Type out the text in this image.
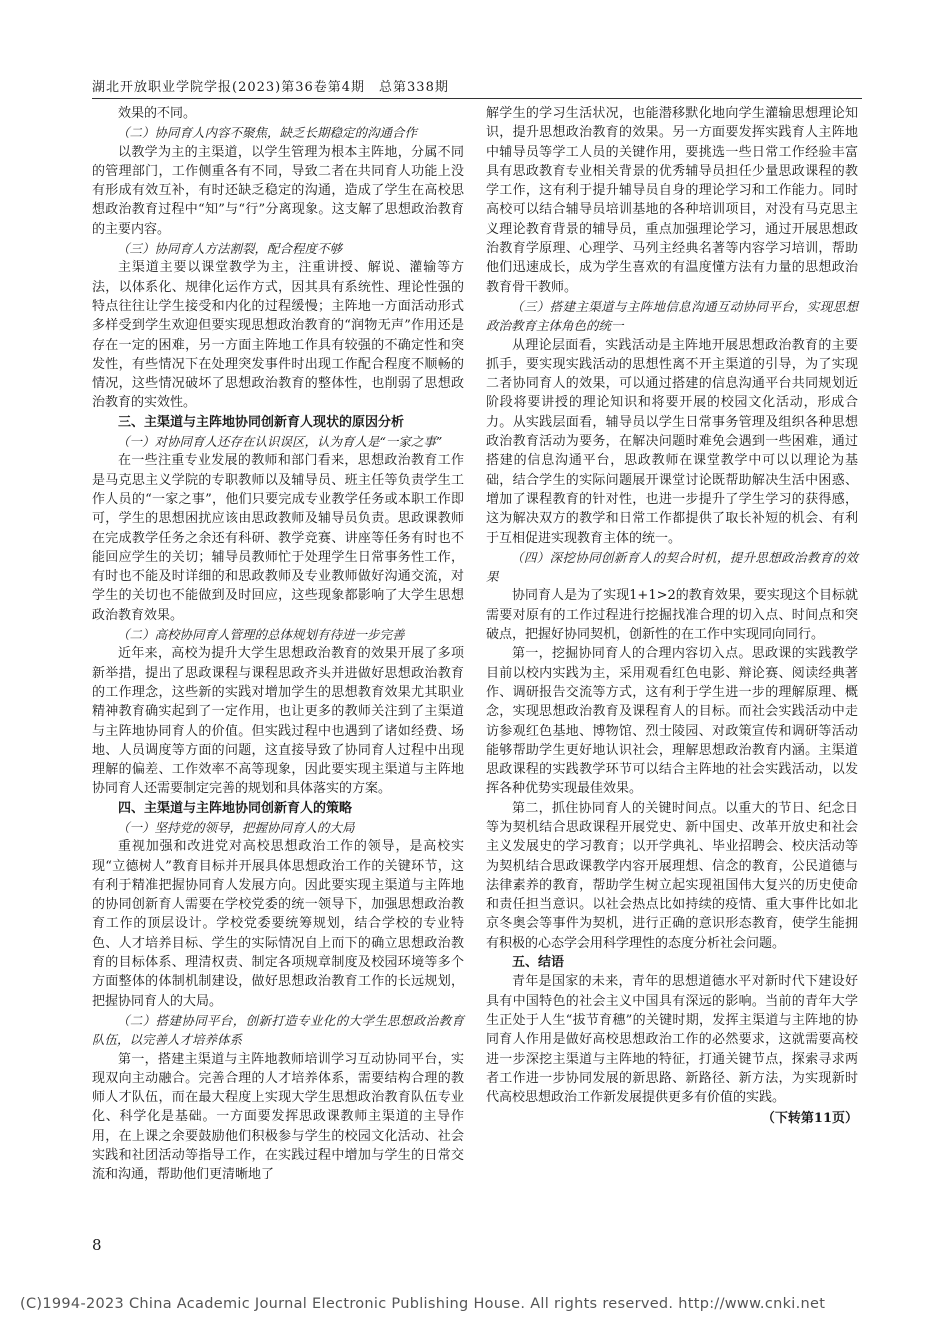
湖北开放职业学院学报(2023)第36卷第4期　总第338期

效果的不同。

（二）协同育人内容不聚焦，缺乏长期稳定的沟通合作

以教学为主的主渠道，以学生管理为根本主阵地，分属不同的管理部门，工作侧重各有不同，导致二者在共同育人功能上没有形成有效互补，有时还缺乏稳定的沟通，造成了学生在高校思想政治教育过程中“知”与“行”分离现象。这支解了思想政治教育的主要内容。

（三）协同育人方法割裂，配合程度不够

主渠道主要以课堂教学为主，注重讲授、解说、灌输等方法，以体系化、规律化运作方式，因其具有系统性、理论性强的特点往往让学生接受和内化的过程缓慢；主阵地一方面活动形式多样受到学生欢迎但要实现思想政治教育的“润物无声”作用还是存在一定的困难，另一方面主阵地工作具有较强的不确定性和突发性，有些情况下在处理突发事件时出现工作配合程度不顺畅的情况，这些情况破坏了思想政治教育的整体性，也削弱了思想政治教育的实效性。

三、主渠道与主阵地协同创新育人现状的原因分析

（一）对协同育人还存在认识误区，认为育人是“一家之事”

在一些注重专业发展的教师和部门看来，思想政治教育工作是马克思主义学院的专职教师以及辅导员、班主任等负责学生工作人员的“一家之事”，他们只要完成专业教学任务或本职工作即可，学生的思想困扰应该由思政教师及辅导员负责。思政课教师在完成教学任务之余还有科研、教学竞赛、讲座等任务有时也不能回应学生的关切；辅导员教师忙于处理学生日常事务性工作，有时也不能及时详细的和思政教师及专业教师做好沟通交流，对学生的关切也不能做到及时回应，这些现象都影响了大学生思想政治教育效果。

（二）高校协同育人管理的总体规划有待进一步完善

近年来，高校为提升大学生思想政治教育的效果开展了多项新举措，提出了思政课程与课程思政齐头并进做好思想政治教育的工作理念，这些新的实践对增加学生的思想教育效果尤其职业精神教育确实起到了一定作用，也让更多的教师关注到了主渠道与主阵地协同育人的价值。但实践过程中也遇到了诸如经费、场地、人员调度等方面的问题，这直接导致了协同育人过程中出现理解的偏差、工作效率不高等现象，因此要实现主渠道与主阵地协同育人还需要制定完善的规划和具体落实的方案。

四、主渠道与主阵地协同创新育人的策略

（一）坚持党的领导，把握协同育人的大局

重视加强和改进党对高校思想政治工作的领导，是高校实现“立德树人”教育目标并开展具体思想政治工作的关键环节，这有利于精准把握协同育人发展方向。因此要实现主渠道与主阵地的协同创新育人需要在学校党委的统一领导下，加强思想政治教育工作的顶层设计。学校党委要统筹规划，结合学校的专业特色、人才培养目标、学生的实际情况自上而下的确立思想政治教育的目标体系、理清权责、制定各项规章制度及校园环境等多个方面整体的体制机制建设，做好思想政治教育工作的长远规划，把握协同育人的大局。

（二）搭建协同平台，创新打造专业化的大学生思想政治教育队伍，以完善人才培养体系

第一，搭建主渠道与主阵地教师培训学习互动协同平台，实现双向主动融合。完善合理的人才培养体系，需要结构合理的教师人才队伍，而在最大程度上实现大学生思想政治教育队伍专业化、科学化是基础。一方面要发挥思政课教师主渠道的主导作用，在上课之余要鼓励他们积极参与学生的校园文化活动、社会实践和社团活动等指导工作，在实践过程中增加与学生的日常交流和沟通，帮助他们更清晰地了

解学生的学习生活状况，也能潜移默化地向学生灌输思想理论知识，提升思想政治教育的效果。另一方面要发挥实践育人主阵地中辅导员等学工人员的关键作用，要挑选一些日常工作经验丰富具有思政教育专业相关背景的优秀辅导员担任少量思政课程的教学工作，这有利于提升辅导员自身的理论学习和工作能力。同时高校可以结合辅导员培训基地的各种培训项目，对没有马克思主义理论教育背景的辅导员，重点加强理论学习，通过开展思想政治教育学原理、心理学、马列主经典名著等内容学习培训，帮助他们迅速成长，成为学生喜欢的有温度懂方法有力量的思想政治教育骨干教师。

（三）搭建主渠道与主阵地信息沟通互动协同平台，实现思想政治教育主体角色的统一

从理论层面看，实践活动是主阵地开展思想政治教育的主要抓手，要实现实践活动的思想性离不开主渠道的引导，为了实现二者协同育人的效果，可以通过搭建的信息沟通平台共同规划近阶段将要讲授的理论知识和将要开展的校园文化活动，形成合力。从实践层面看，辅导员以学生日常事务管理及组织各种思想政治教育活动为要务，在解决问题时难免会遇到一些困难，通过搭建的信息沟通平台，思政教师在课堂教学中可以以理论为基础，结合学生的实际问题展开课堂讨论既帮助解决生活中困惑、增加了课程教育的针对性，也进一步提升了学生学习的获得感，这为解决双方的教学和日常工作都提供了取长补短的机会、有利于互相促进实现教育主体的统一。

（四）深挖协同创新育人的契合时机，提升思想政治教育的效果

协同育人是为了实现1+1>2的教育效果，要实现这个目标就需要对原有的工作过程进行挖掘找准合理的切入点、时间点和突破点，把握好协同契机，创新性的在工作中实现同向同行。

第一，挖掘协同育人的合理内容切入点。思政课的实践教学目前以校内实践为主，采用观看红色电影、辩论赛、阅读经典著作、调研报告交流等方式，这有利于学生进一步的理解原理、概念，实现思想政治教育及课程育人的目标。而社会实践活动中走访参观红色基地、博物馆、烈士陵园、对政策宣传和调研等活动能够帮助学生更好地认识社会，理解思想政治教育内涵。主渠道思政课程的实践教学环节可以结合主阵地的社会实践活动，以发挥各种优势实现最佳效果。

第二，抓住协同育人的关键时间点。以重大的节日、纪念日等为契机结合思政课程开展党史、新中国史、改革开放史和社会主义发展史的学习教育；以开学典礼、毕业招聘会、校庆活动等为契机结合思政课教学内容开展理想、信念的教育，公民道德与法律素养的教育，帮助学生树立起实现祖国伟大复兴的历史使命和责任担当意识。以社会热点比如持续的疫情、重大事件比如北京冬奥会等事件为契机，进行正确的意识形态教育，使学生能拥有积极的心态学会用科学理性的态度分析社会问题。

五、结语

青年是国家的未来，青年的思想道德水平对新时代下建设好具有中国特色的社会主义中国具有深远的影响。当前的青年大学生正处于人生“拔节育穗”的关键时期，发挥主渠道与主阵地的协同育人作用是做好高校思想政治工作的必然要求，这就需要高校进一步深挖主渠道与主阵地的特征，打通关键节点，探索寻求两者工作进一步协同发展的新思路、新路径、新方法，为实现新时代高校思想政治工作新发展提供更多有价值的实践。

（下转第11页）

8
(C)1994-2023 China Academic Journal Electronic Publishing House. All rights reserved. http://www.cnki.net
